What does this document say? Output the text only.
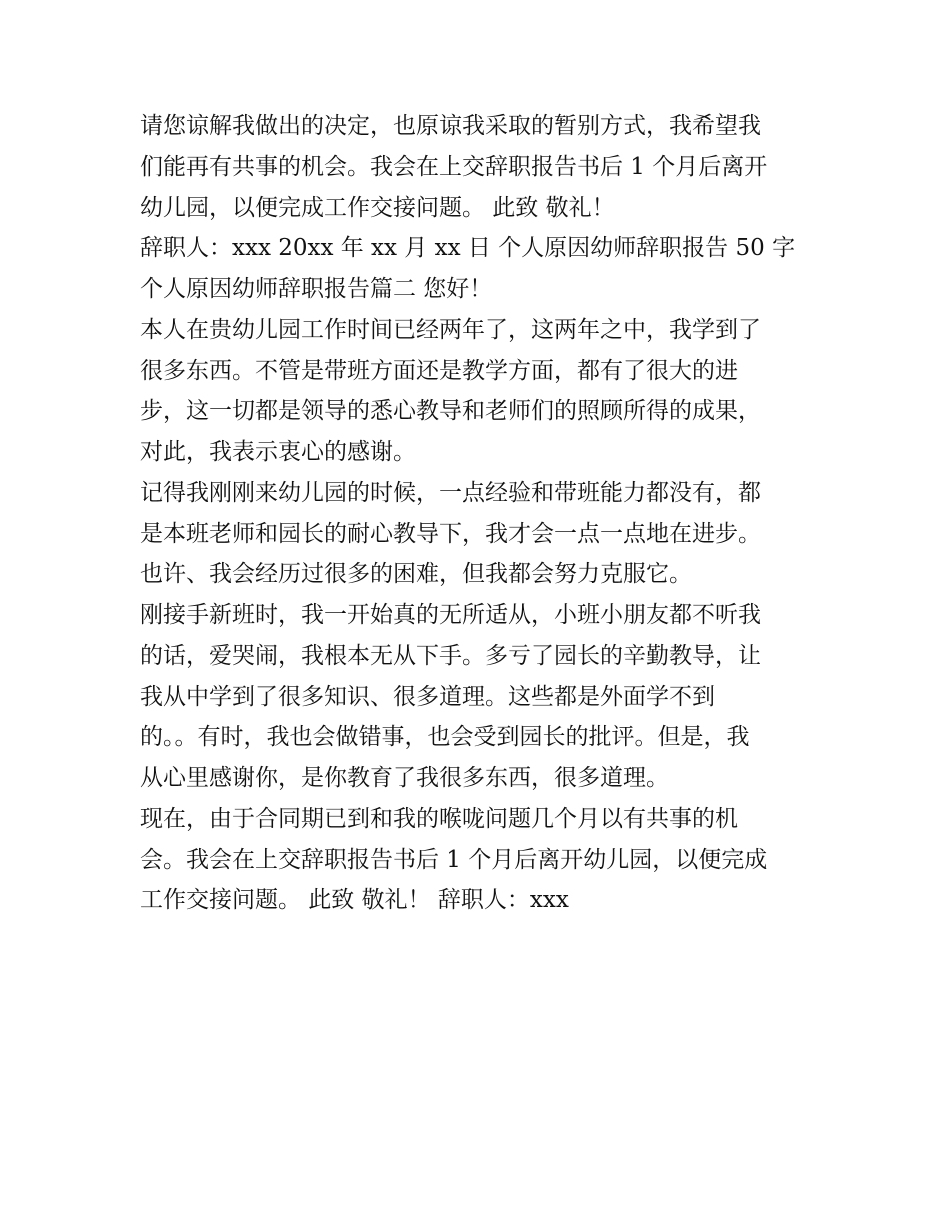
请您谅解我做出的决定，也原谅我采取的暂别方式，我希望我
们能再有共事的机会。我会在上交辞职报告书后 1 个月后离开
幼儿园，以便完成工作交接问题。 此致 敬礼！
辞职人：xxx 20xx 年 xx 月 xx 日 个人原因幼师辞职报告 50 字
个人原因幼师辞职报告篇二 您好！
本人在贵幼儿园工作时间已经两年了，这两年之中，我学到了
很多东西。不管是带班方面还是教学方面，都有了很大的进
步，这一切都是领导的悉心教导和老师们的照顾所得的成果，
对此，我表示衷心的感谢。
记得我刚刚来幼儿园的时候，一点经验和带班能力都没有，都
是本班老师和园长的耐心教导下，我才会一点一点地在进步。
也许、我会经历过很多的困难，但我都会努力克服它。
刚接手新班时，我一开始真的无所适从，小班小朋友都不听我
的话，爱哭闹，我根本无从下手。多亏了园长的辛勤教导，让
我从中学到了很多知识、很多道理。这些都是外面学不到
的。。有时，我也会做错事，也会受到园长的批评。但是，我
从心里感谢你，是你教育了我很多东西，很多道理。
现在，由于合同期已到和我的喉咙问题几个月以有共事的机
会。我会在上交辞职报告书后 1 个月后离开幼儿园，以便完成
工作交接问题。 此致 敬礼！ 辞职人：xxx
